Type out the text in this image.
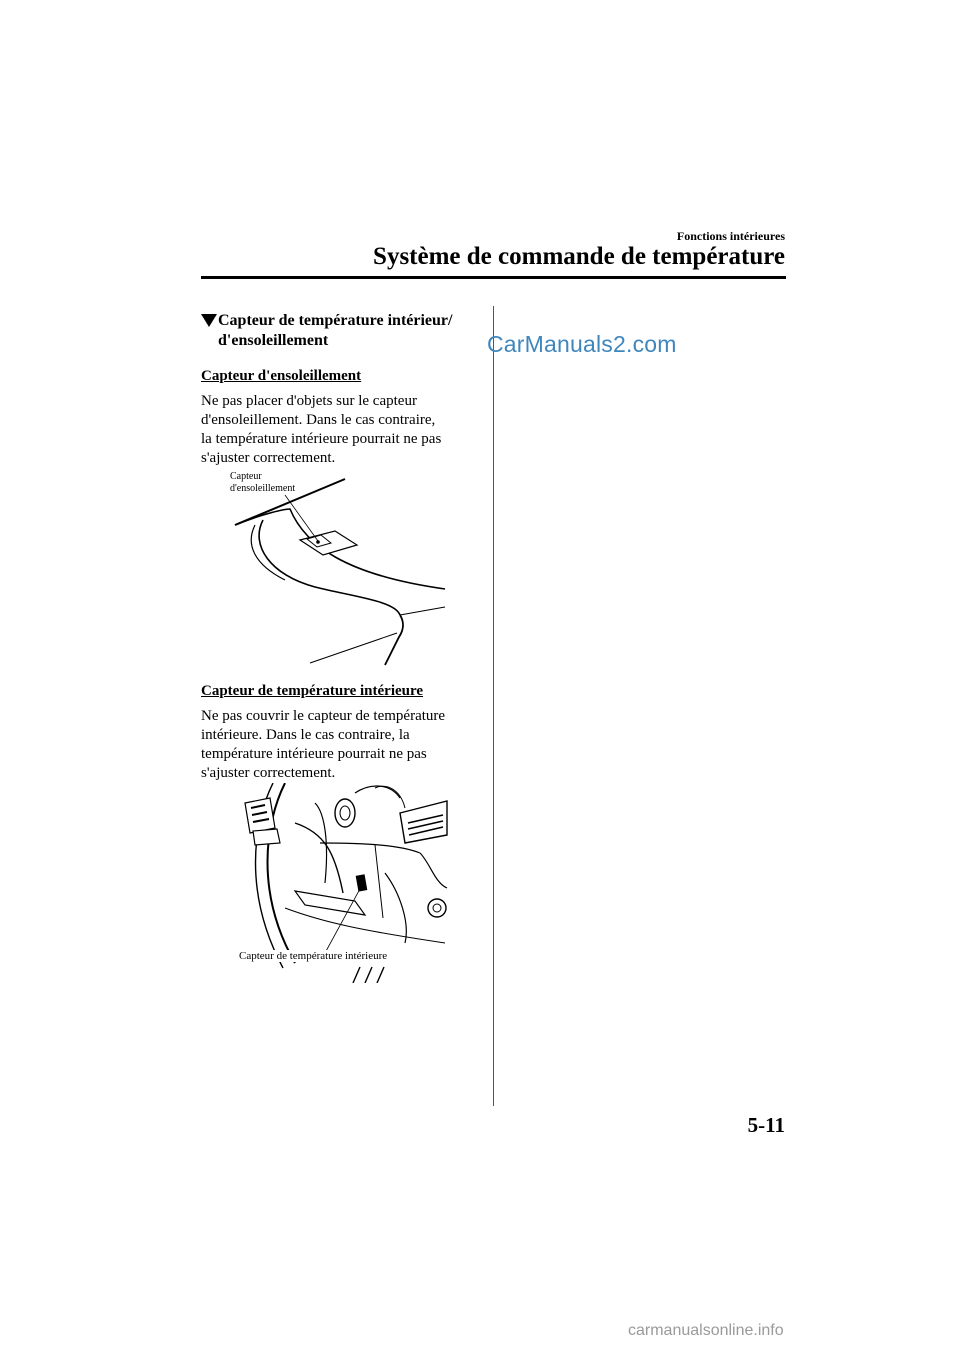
Fonctions intérieures
Système de commande de température
CarManuals2.com
Capteur de température intérieur/
d'ensoleillement
Capteur d'ensoleillement
Ne pas placer d'objets sur le capteur
d'ensoleillement. Dans le cas contraire,
la température intérieure pourrait ne pas
s'ajuster correctement.
Capteur
d'ensoleillement
Capteur de température intérieure
Ne pas couvrir le capteur de température
intérieure. Dans le cas contraire, la
température intérieure pourrait ne pas
s'ajuster correctement.
Capteur de température intérieure
5-11
carmanualsonline.info
